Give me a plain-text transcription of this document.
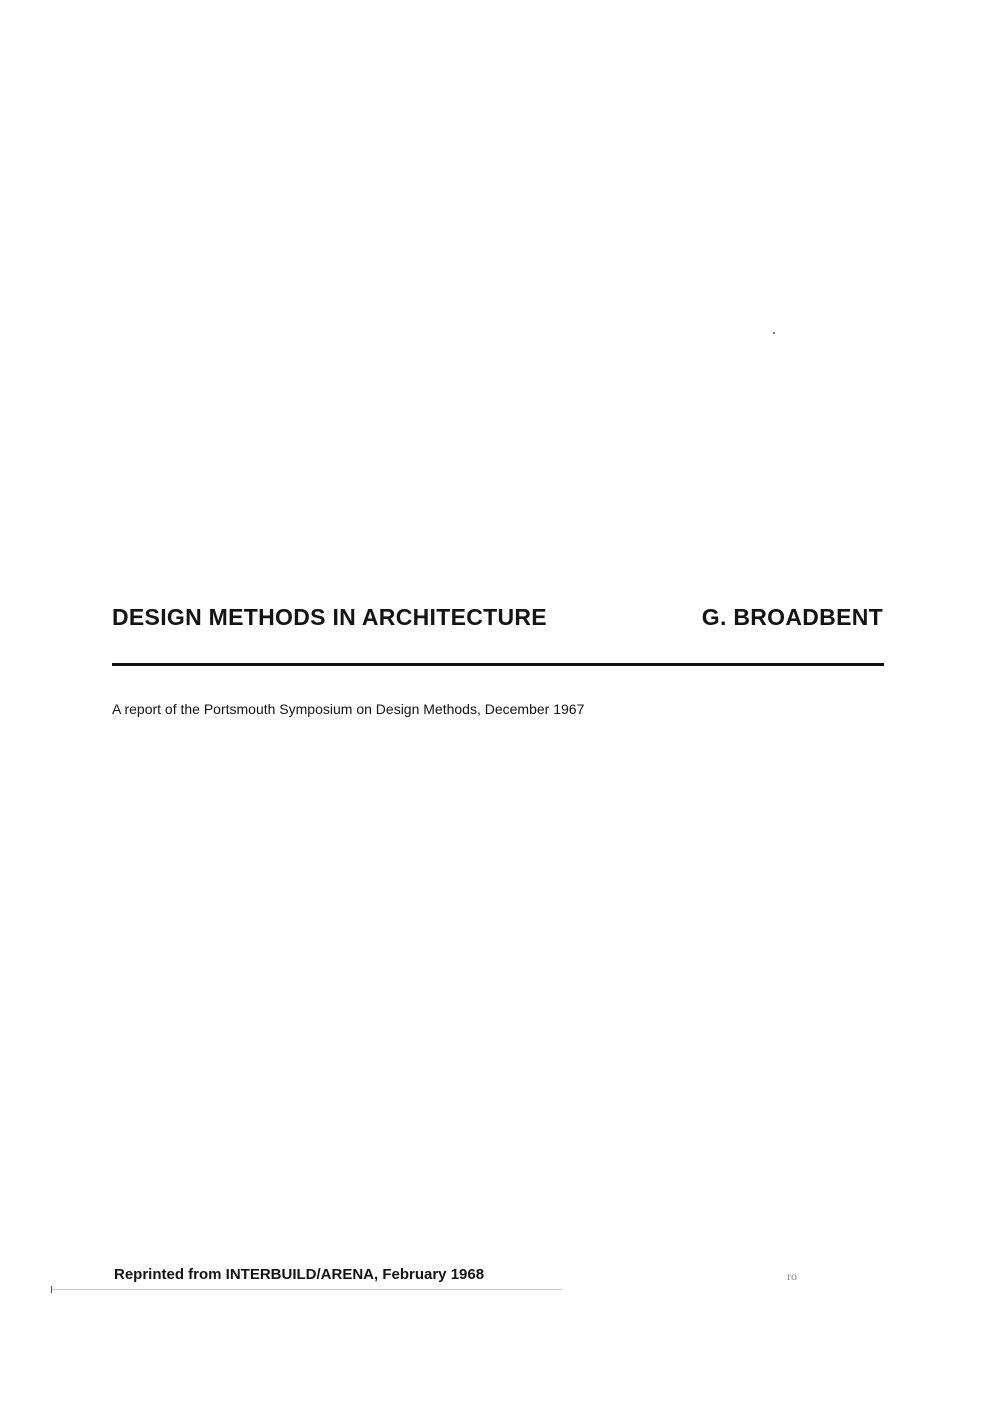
DESIGN METHODS IN ARCHITECTURE	G. BROADBENT

A report of the Portsmouth Symposium on Design Methods, December 1967

Reprinted from INTERBUILD/ARENA, February 1968	ro
